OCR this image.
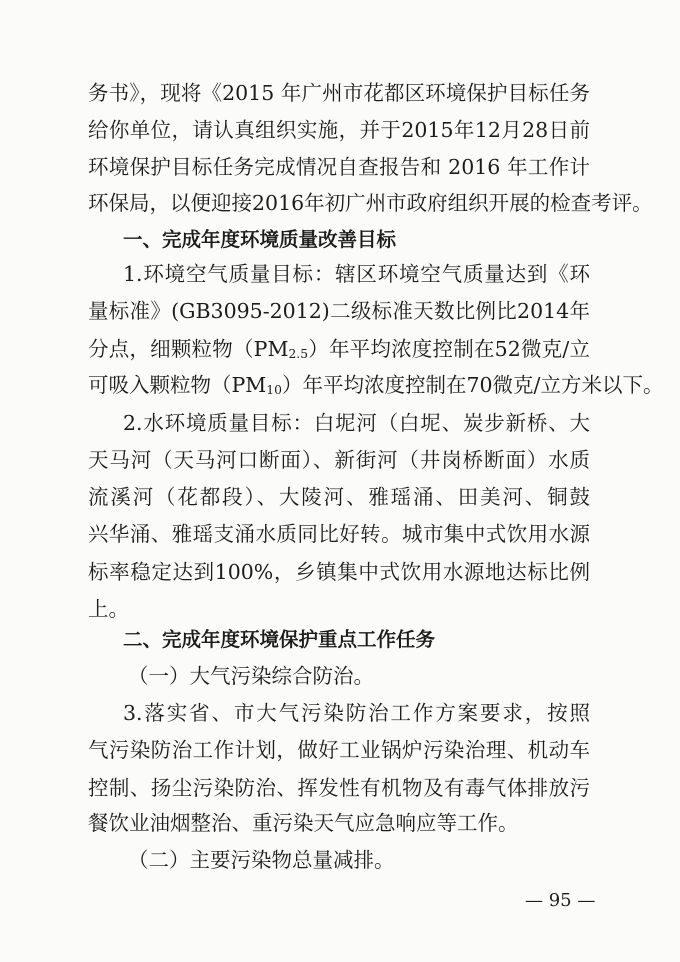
务书》，现将《2015 年广州市花都区环境保护目标任务
给你单位，请认真组织实施，并于2015年12月28日前
环境保护目标任务完成情况自查报告和 2016 年工作计
环保局，以便迎接2016年初广州市政府组织开展的检查考评。
一、完成年度环境质量改善目标
1.环境空气质量目标：辖区环境空气质量达到《环
量标准》(GB3095-2012)二级标准天数比例比2014年
分点，细颗粒物（PM2.5）年平均浓度控制在52微克/立
可吸入颗粒物（PM10）年平均浓度控制在70微克/立方米以下。
2.水环境质量目标：白坭河（白坭、炭步新桥、大
天马河（天马河口断面）、新街河（井岗桥断面）水质
流溪河（花都段）、大陵河、雅瑶涌、田美河、铜鼓
兴华涌、雅瑶支涌水质同比好转。城市集中式饮用水源
标率稳定达到100%，乡镇集中式饮用水源地达标比例
上。
二、完成年度环境保护重点工作任务
（一）大气污染综合防治。
3.落实省、市大气污染防治工作方案要求，按照
气污染防治工作计划，做好工业锅炉污染治理、机动车
控制、扬尘污染防治、挥发性有机物及有毒气体排放污
餐饮业油烟整治、重污染天气应急响应等工作。
（二）主要污染物总量减排。
— 95 —
